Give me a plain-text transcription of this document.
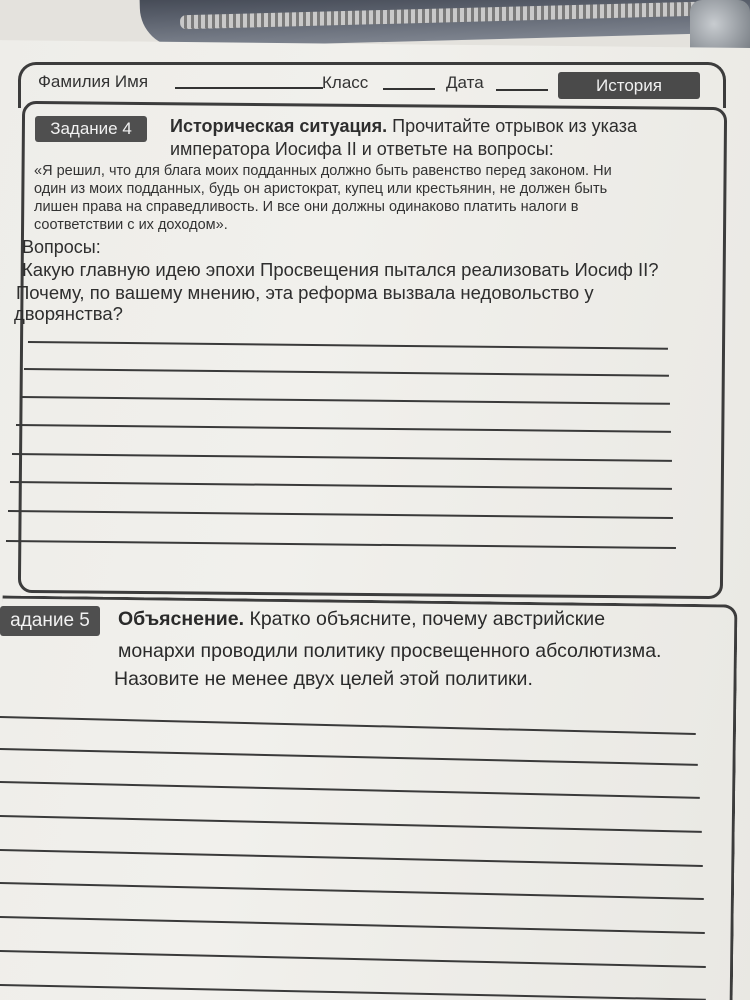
Фамилия Имя	Класс	Дата	История
Задание 4	Историческая ситуация. Прочитайте отрывок из указа
императора Иосифа II и ответьте на вопросы:
«Я решил, что для блага моих подданных должно быть равенство перед законом. Ни
один из моих подданных, будь он аристократ, купец или крестьянин, не должен быть
лишен права на справедливость. И все они должны одинаково платить налоги в
соответствии с их доходом».
Вопросы:
Какую главную идею эпохи Просвещения пытался реализовать Иосиф II?
Почему, по вашему мнению, эта реформа вызвала недовольство у
дворянства?
адание 5	Объяснение. Кратко объясните, почему австрийские
монархи проводили политику просвещенного абсолютизма.
Назовите не менее двух целей этой политики.
